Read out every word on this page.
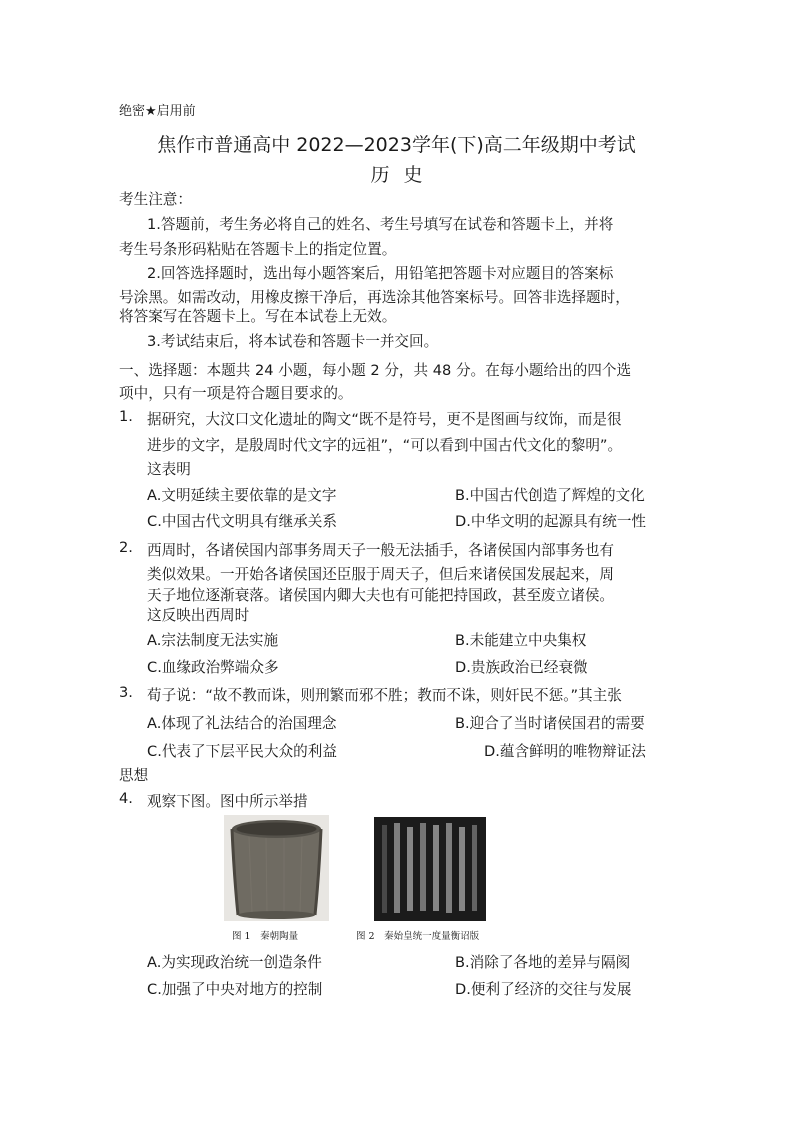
绝密★启用前
焦作市普通高中 2022—2023学年(下)高二年级期中考试
历史
考生注意：
1.答题前，考生务必将自己的姓名、考生号填写在试卷和答题卡上，并将
考生号条形码粘贴在答题卡上的指定位置。
2.回答选择题时，选出每小题答案后，用铅笔把答题卡对应题目的答案标
号涂黑。如需改动，用橡皮擦干净后，再选涂其他答案标号。回答非选择题时，
将答案写在答题卡上。写在本试卷上无效。
3.考试结束后，将本试卷和答题卡一并交回。
一、选择题：本题共 24 小题，每小题 2 分，共 48 分。在每小题给出的四个选
项中，只有一项是符合题目要求的。
1. 据研究，大汶口文化遗址的陶文“既不是符号，更不是图画与纹饰，而是很
进步的文字，是殷周时代文字的远祖”，“可以看到中国古代文化的黎明”。
这表明
A.文明延续主要依靠的是文字	B.中国古代创造了辉煌的文化
C.中国古代文明具有继承关系	D.中华文明的起源具有统一性
2. 西周时，各诸侯国内部事务周天子一般无法插手，各诸侯国内部事务也有
类似效果。一开始各诸侯国还臣服于周天子，但后来诸侯国发展起来，周
天子地位逐渐衰落。诸侯国内卿大夫也有可能把持国政，甚至废立诸侯。
这反映出西周时
A.宗法制度无法实施	B.未能建立中央集权
C.血缘政治弊端众多	D.贵族政治已经衰微
3. 荀子说：“故不教而诛，则刑繁而邪不胜；教而不诛，则奸民不惩。”其主张
A.体现了礼法结合的治国理念	B.迎合了当时诸侯国君的需要
C.代表了下层平民大众的利益	D.蕴含鲜明的唯物辩证法
思想
4. 观察下图。图中所示举措
图 1　秦朝陶量	图 2　秦始皇统一度量衡诏版
A.为实现政治统一创造条件	B.消除了各地的差异与隔阂
C.加强了中央对地方的控制	D.便利了经济的交往与发展
